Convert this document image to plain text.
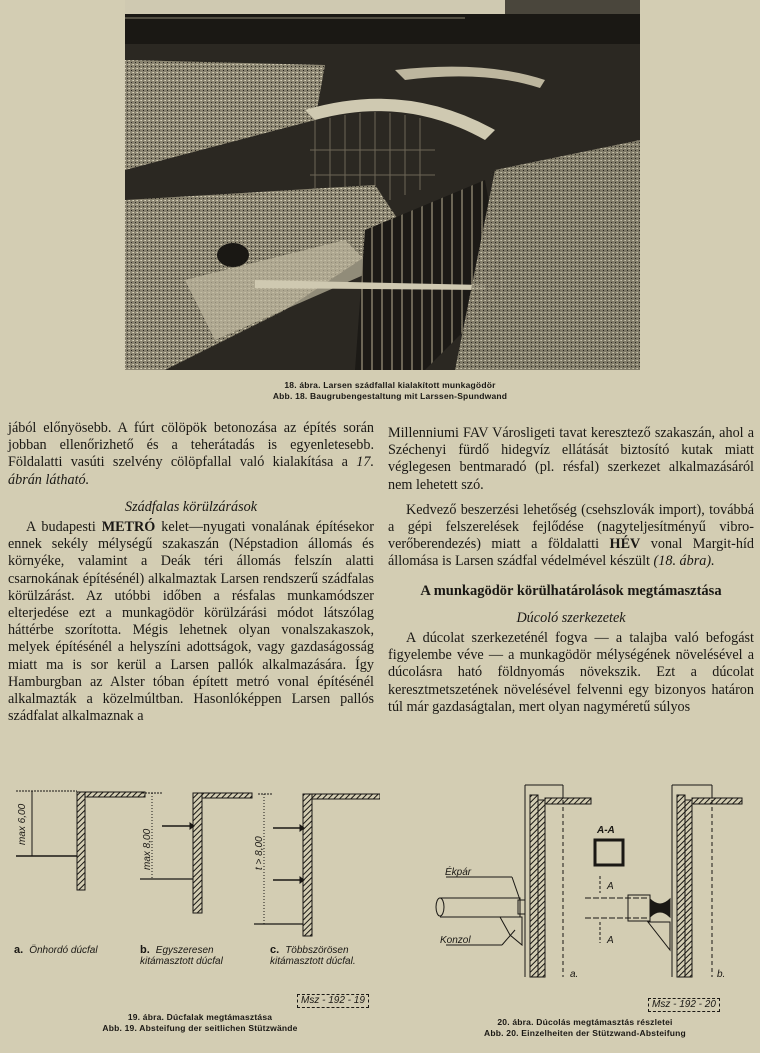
18. ábra. Larsen szádfallal kialakított munkagödör
Abb. 18. Baugrubengestaltung mit Larssen-Spundwand

jából előnyösebb. A fúrt cölöpök betonozása az építés során jobban ellenőrizhető és a teherátadás is egyenletesebb. Földalatti vasúti szelvény cölöpfallal való kialakítása a 17. ábrán látható.

Szádfalas körülzárások

A budapesti METRÓ kelet—nyugati vonalának építésekor ennek sekély mélységű szakaszán (Népstadion állomás és környéke, valamint a Deák téri állomás felszín alatti csarnokának építésénél) alkalmaztak Larsen rendszerű szádfalas körülzárást. Az utóbbi időben a résfalas munkamódszer elterjedése ezt a munkagödör körülzárási módot látszólag háttérbe szorította. Mégis lehetnek olyan vonalszakaszok, melyek építésénél a helyszíni adottságok, vagy gazdaságosság miatt ma is sor kerül a Larsen pallók alkalmazására. Így Hamburgban az Alster tóban épített metró vonal építésénél alkalmazták a közelmúltban. Hasonlóképpen Larsen pallós szádfalat alkalmaznak a

Millenniumi FAV Városligeti tavat keresztező szakaszán, ahol a Széchenyi fürdő hidegvíz ellátását biztosító kutak miatt véglegesen bentmaradó (pl. résfal) szerkezet alkalmazásáról nem lehetett szó.

Kedvező beszerzési lehetőség (csehszlovák import), továbbá a gépi felszerelések fejlődése (nagyteljesítményű vibro-verőberendezés) miatt a földalatti HÉV vonal Margit-híd állomása is Larsen szádfal védelmével készült (18. ábra).

A munkagödör körülhatárolások megtámasztása
Dúcoló szerkezetek

A dúcolat szerkezeténél fogva — a talajba való befogást figyelembe véve — a munkagödör mélységének növelésével a dúcolásra ható földnyomás növekszik. Ezt a dúcolat keresztmetszetének növelésével felvenni egy bizonyos határon túl már gazdaságtalan, mert olyan nagyméretű súlyos

max 6,00
max 8,00	t > 8,00
a. Önhordó dúcfal	b. Egyszeresen kitámasztott dúcfal
c. Többszörösen kitámasztott dúcfal.
Msz - 192 - 19
19. ábra. Dúcfalak megtámasztása
Abb. 19. Absteifung der seitlichen Stützwände
Ékpár
Konzol
A-A
A
A
a.	b.
Msz - 192 - 20
20. ábra. Dúcolás megtámasztás részletei
Abb. 20. Einzelheiten der Stützwand-Absteifung
